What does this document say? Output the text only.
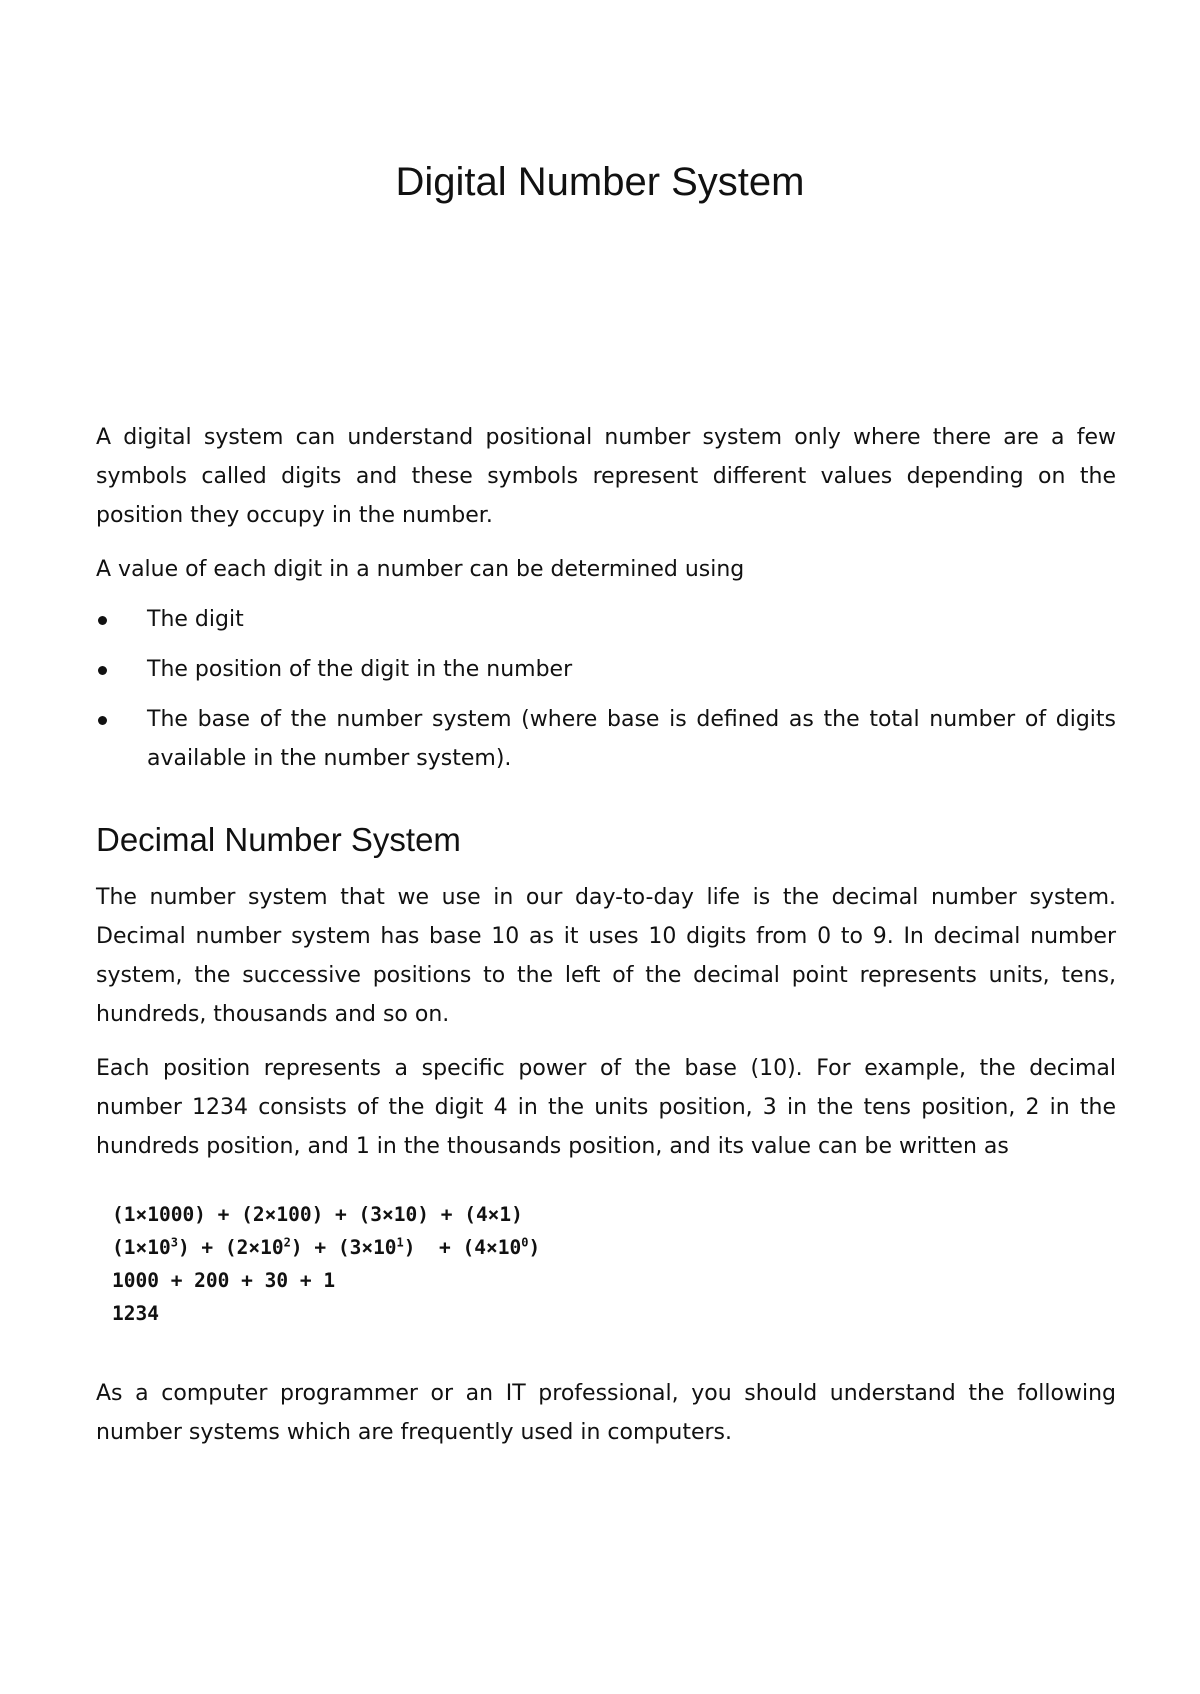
Digital Number System

A digital system can understand positional number system only where there are a few symbols called digits and these symbols represent different values depending on the position they occupy in the number.

A value of each digit in a number can be determined using

The digit
The position of the digit in the number
The base of the number system (where base is defined as the total number of digits available in the number system).
Decimal Number System

The number system that we use in our day-to-day life is the decimal number system. Decimal number system has base 10 as it uses 10 digits from 0 to 9. In decimal number system, the successive positions to the left of the decimal point represents units, tens, hundreds, thousands and so on.

Each position represents a specific power of the base (10). For example, the decimal number 1234 consists of the digit 4 in the units position, 3 in the tens position, 2 in the hundreds position, and 1 in the thousands position, and its value can be written as

(1×1000) + (2×100) + (3×10) + (4×1)
$(1\times 10^3) + (2\times 10^2) + (3\times 10^1) + (4\times 10^0)$
1000 + 200 + 30 + 1
1234

As a computer programmer or an IT professional, you should understand the following number systems which are frequently used in computers.
